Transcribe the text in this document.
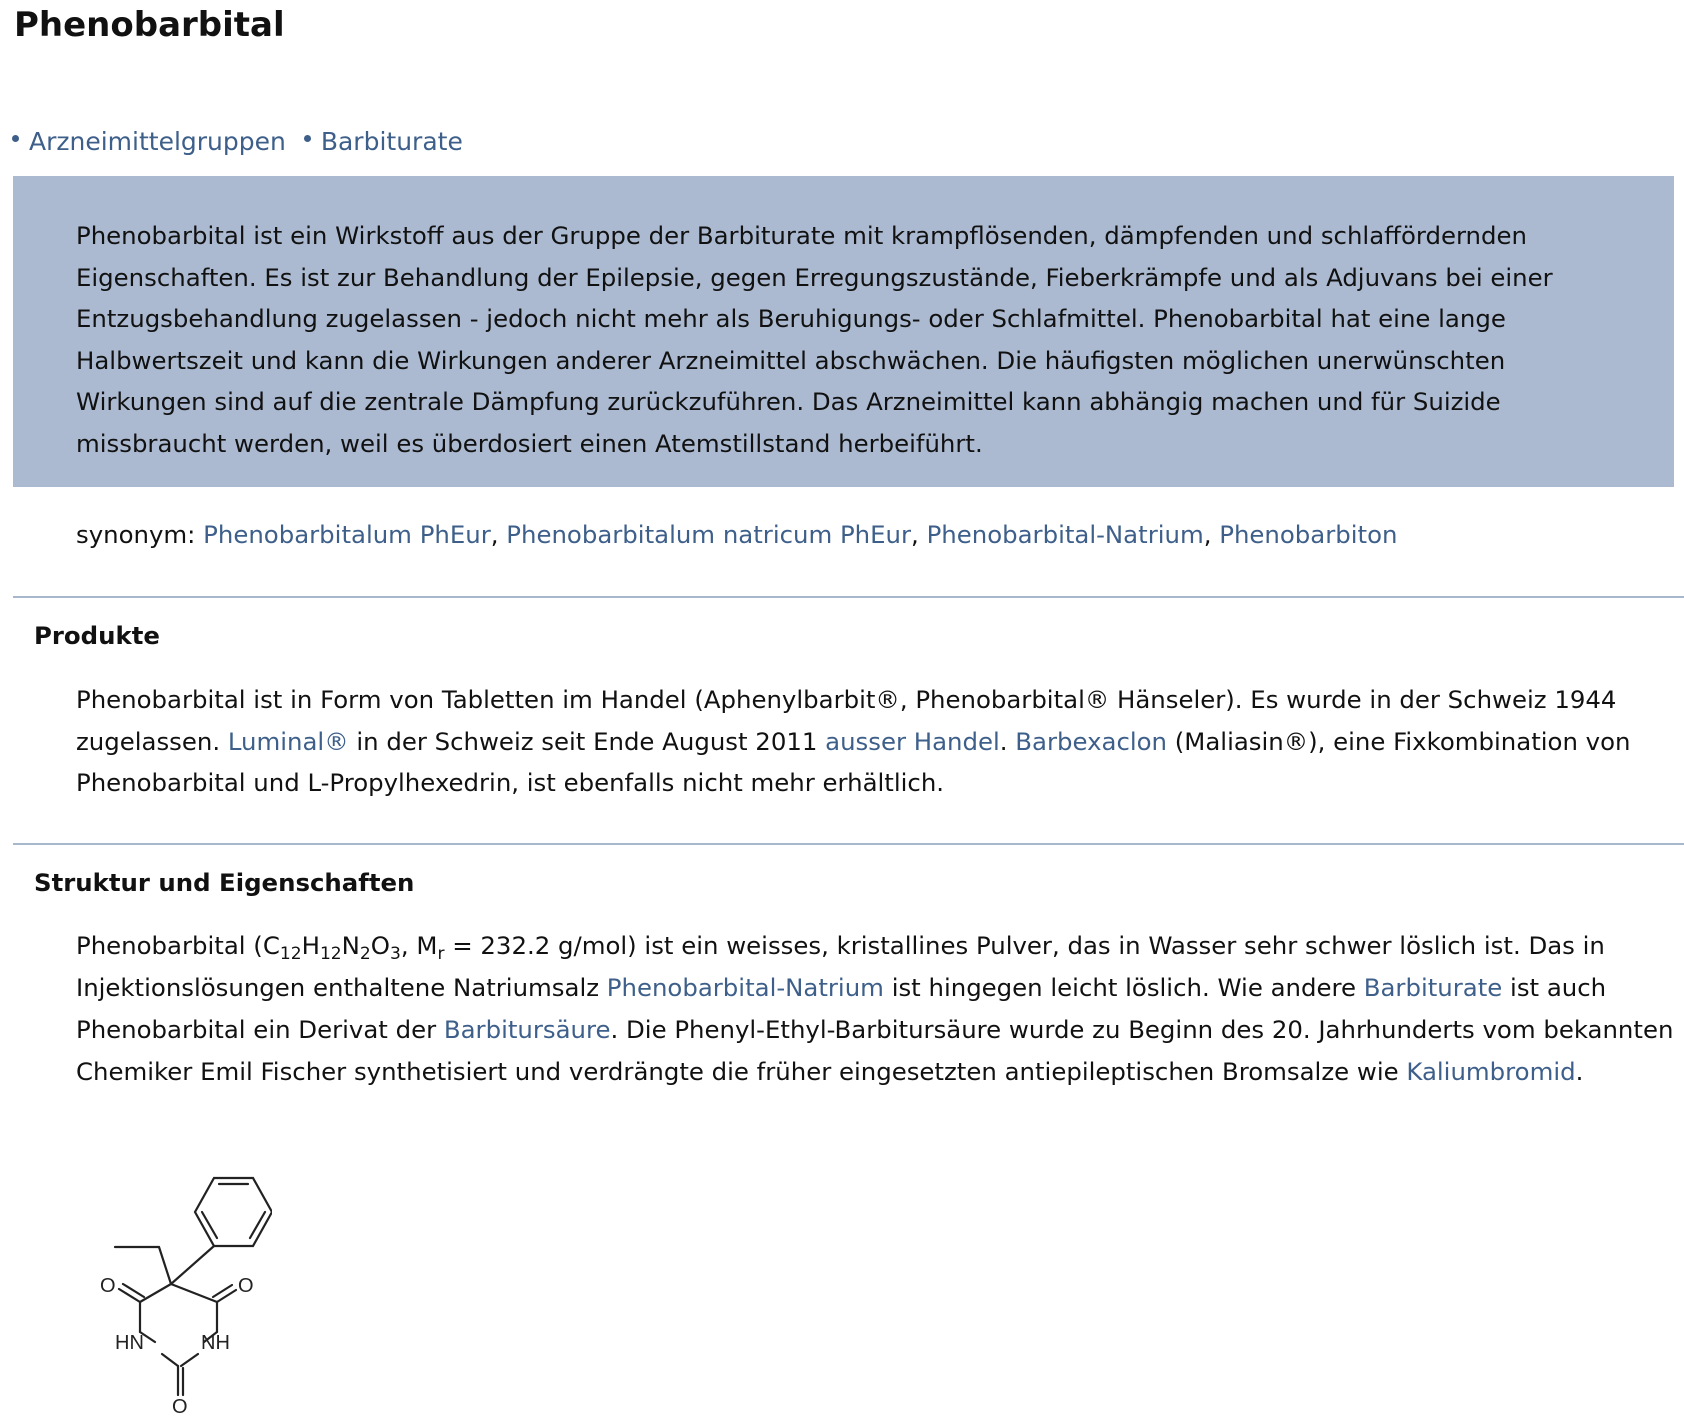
Phenobarbital
Arzneimittelgruppen
Barbiturate
Phenobarbital ist ein Wirkstoff aus der Gruppe der Barbiturate mit krampflösenden, dämpfenden und schlaffördernden Eigenschaften. Es ist zur Behandlung der Epilepsie, gegen Erregungszustände, Fieberkrämpfe und als Adjuvans bei einer Entzugsbehandlung zugelassen - jedoch nicht mehr als Beruhigungs- oder Schlafmittel. Phenobarbital hat eine lange Halbwertszeit und kann die Wirkungen anderer Arzneimittel abschwächen. Die häufigsten möglichen unerwünschten Wirkungen sind auf die zentrale Dämpfung zurückzuführen. Das Arzneimittel kann abhängig machen und für Suizide missbraucht werden, weil es überdosiert einen Atemstillstand herbeiführt.
synonym: Phenobarbitalum PhEur, Phenobarbitalum natricum PhEur, Phenobarbital-Natrium, Phenobarbiton
Produkte
Phenobarbital ist in Form von Tabletten im Handel (Aphenylbarbit®, Phenobarbital® Hänseler). Es wurde in der Schweiz 1944 zugelassen. Luminal® in der Schweiz seit Ende August 2011 ausser Handel. Barbexaclon (Maliasin®), eine Fixkombination von Phenobarbital und L-Propylhexedrin, ist ebenfalls nicht mehr erhältlich.
Struktur und Eigenschaften
Phenobarbital ($C_{12}H_{12}N_2O_3$, $M_r = 232.2$ g/mol) ist ein weisses, kristallines Pulver, das in Wasser sehr schwer löslich ist. Das in Injektionslösungen enthaltene Natriumsalz Phenobarbital-Natrium ist hingegen leicht löslich. Wie andere Barbiturate ist auch Phenobarbital ein Derivat der Barbitursäure. Die Phenyl-Ethyl-Barbitursäure wurde zu Beginn des 20. Jahrhunderts vom bekannten Chemiker Emil Fischer synthetisiert und verdrängte die früher eingesetzten antiepileptischen Bromsalze wie Kaliumbromid.
O	O
HN	NH
O
